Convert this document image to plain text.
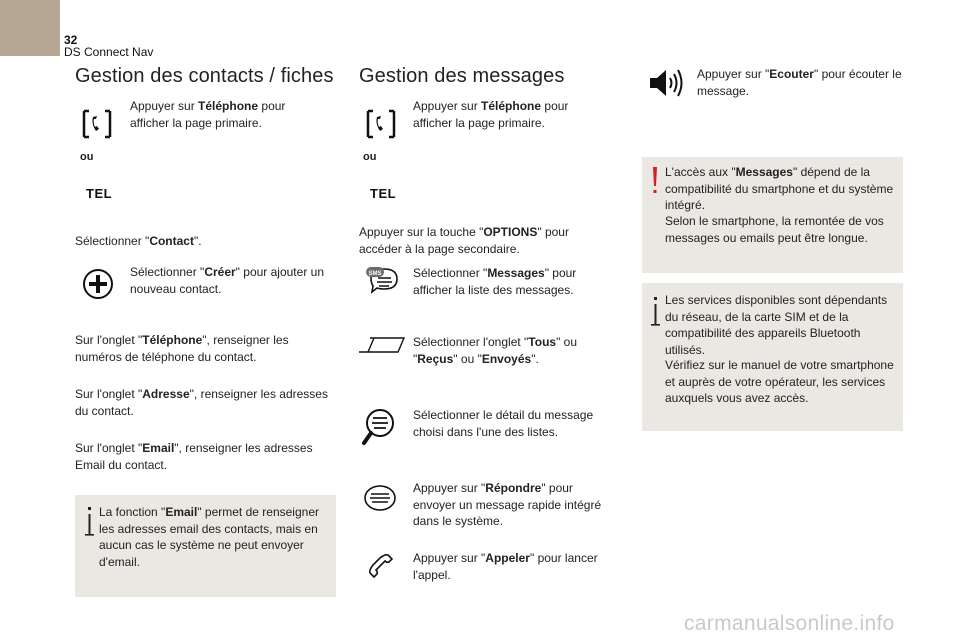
32
DS Connect Nav
Gestion des contacts / fiches
Appuyer sur Téléphone pour afficher la page primaire.
ou
TEL
Sélectionner "Contact".
Sélectionner "Créer" pour ajouter un nouveau contact.
Sur l'onglet "Téléphone", renseigner les numéros de téléphone du contact.
Sur l'onglet "Adresse", renseigner les adresses du contact.
Sur l'onglet "Email", renseigner les adresses Email du contact.
La fonction "Email" permet de renseigner les adresses email des contacts, mais en aucun cas le système ne peut envoyer d'email.
Gestion des messages
Appuyer sur Téléphone pour afficher la page primaire.
ou
TEL
Appuyer sur la touche "OPTIONS" pour accéder à la page secondaire.
SMS	Sélectionner "Messages" pour afficher la liste des messages.
Sélectionner l'onglet "Tous" ou "Reçus" ou "Envoyés".
Sélectionner le détail du message choisi dans l'une des listes.
Appuyer sur "Répondre" pour envoyer un message rapide intégré dans le système.
Appuyer sur "Appeler" pour lancer l'appel.
Appuyer sur "Ecouter" pour écouter le message.
L'accès aux "Messages" dépend de la compatibilité du smartphone et du système intégré.
Selon le smartphone, la remontée de vos messages ou emails peut être longue.
Les services disponibles sont dépendants du réseau, de la carte SIM et de la compatibilité des appareils Bluetooth utilisés.
Vérifiez sur le manuel de votre smartphone et auprès de votre opérateur, les services auxquels vous avez accès.
carmanualsonline.info
